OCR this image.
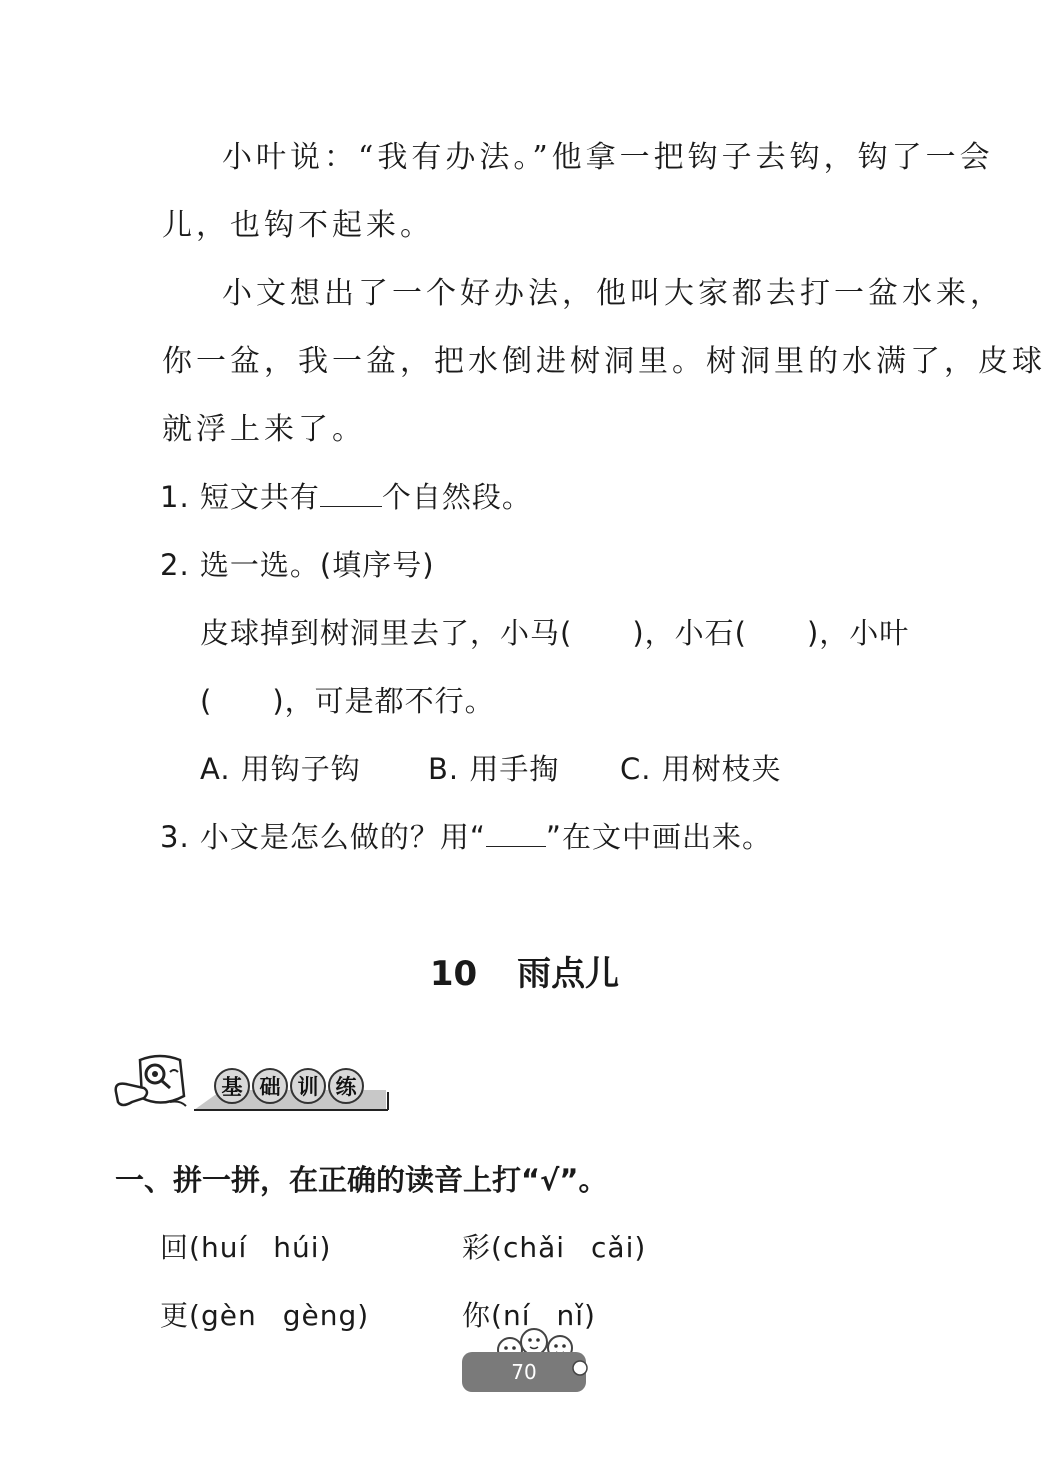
小叶说：“我有办法。”他拿一把钩子去钩，钩了一会
儿，也钩不起来。
小文想出了一个好办法，他叫大家都去打一盆水来，
你一盆，我一盆，把水倒进树洞里。树洞里的水满了，皮球
就浮上来了。
1. 短文共有 个自然段。
2. 选一选。(填序号)
皮球掉到树洞里去了，小马(　　)，小石(　　)，小叶
(　　)，可是都不行。
A. 用钩子钩 B. 用手掏 C. 用树枝夹
3. 小文是怎么做的？用“ ”在文中画出来。
10 雨点儿
基 础 训 练
一、拼一拼，在正确的读音上打“√”。
回(huí húi)	彩(chǎi cǎi)
更(gèn gèng)	你(ní nǐ)
70
